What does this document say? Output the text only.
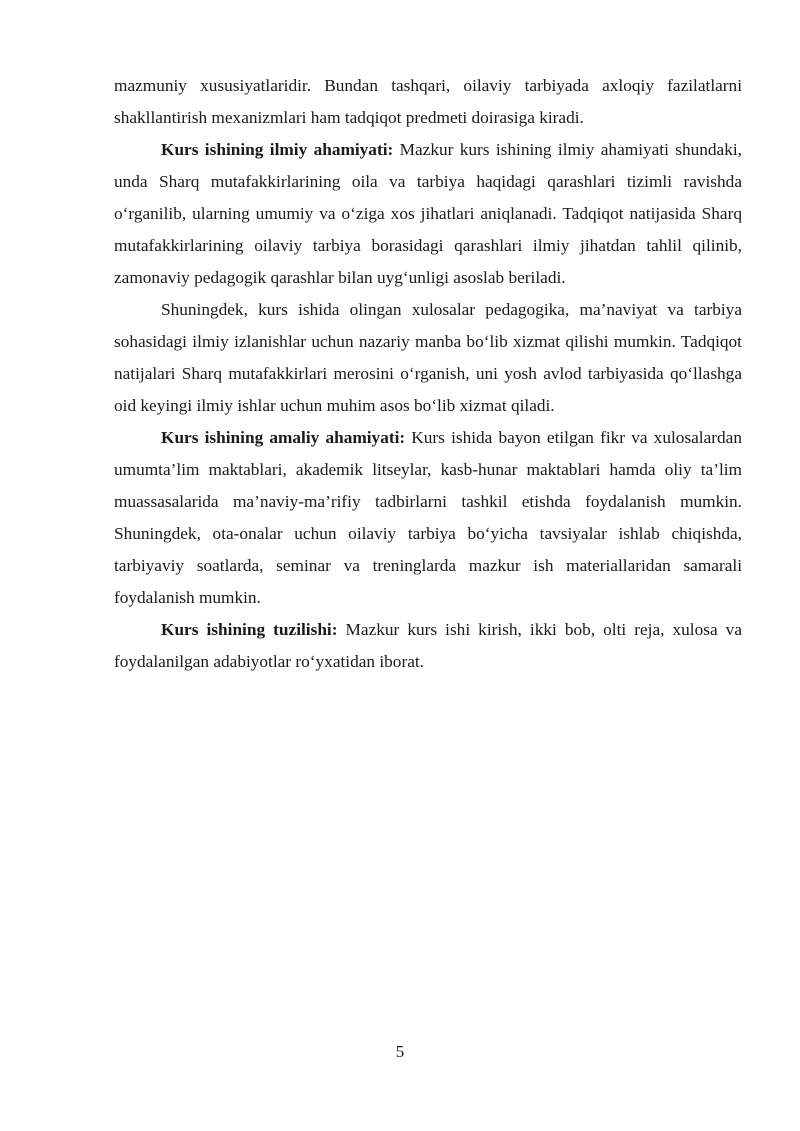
mazmuniy xususiyatlaridir. Bundan tashqari, oilaviy tarbiyada axloqiy fazilatlarni shakllantirish mexanizmlari ham tadqiqot predmeti doirasiga kiradi.

Kurs ishining ilmiy ahamiyati: Mazkur kurs ishining ilmiy ahamiyati shundaki, unda Sharq mutafakkirlarining oila va tarbiya haqidagi qarashlari tizimli ravishda o‘rganilib, ularning umumiy va o‘ziga xos jihatlari aniqlanadi. Tadqiqot natijasida Sharq mutafakkirlarining oilaviy tarbiya borasidagi qarashlari ilmiy jihatdan tahlil qilinib, zamonaviy pedagogik qarashlar bilan uyg‘unligi asoslab beriladi.

Shuningdek, kurs ishida olingan xulosalar pedagogika, ma’naviyat va tarbiya sohasidagi ilmiy izlanishlar uchun nazariy manba bo‘lib xizmat qilishi mumkin. Tadqiqot natijalari Sharq mutafakkirlari merosini o‘rganish, uni yosh avlod tarbiyasida qo‘llashga oid keyingi ilmiy ishlar uchun muhim asos bo‘lib xizmat qiladi.

Kurs ishining amaliy ahamiyati: Kurs ishida bayon etilgan fikr va xulosalardan umumta’lim maktablari, akademik litseylar, kasb-hunar maktablari hamda oliy ta’lim muassasalarida ma’naviy-ma’rifiy tadbirlarni tashkil etishda foydalanish mumkin. Shuningdek, ota-onalar uchun oilaviy tarbiya bo‘yicha tavsiyalar ishlab chiqishda, tarbiyaviy soatlarda, seminar va treninglarda mazkur ish materiallaridan samarali foydalanish mumkin.

Kurs ishining tuzilishi: Mazkur kurs ishi kirish, ikki bob, olti reja, xulosa va foydalanilgan adabiyotlar ro‘yxatidan iborat.

5
